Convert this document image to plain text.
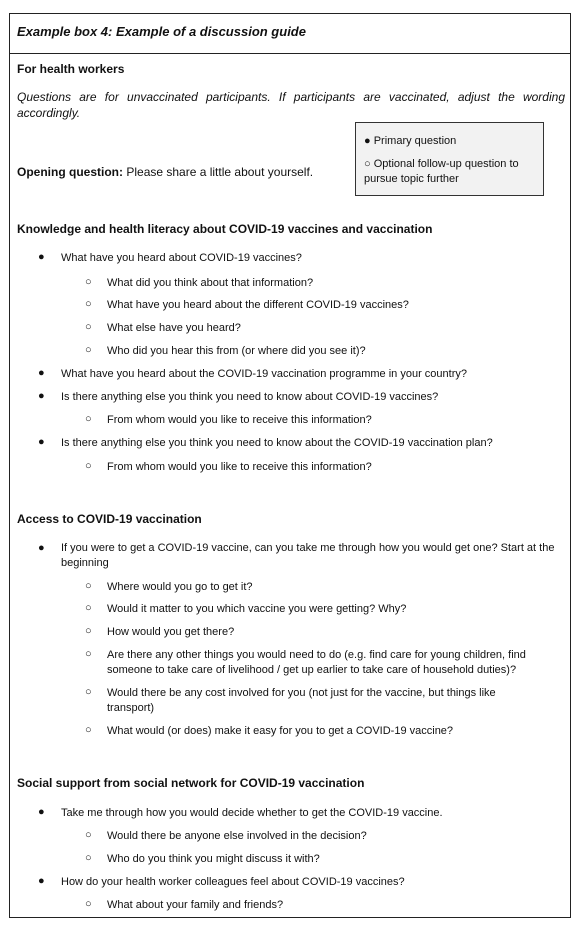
Example box 4: Example of a discussion guide
For health workers
Questions are for unvaccinated participants. If participants are vaccinated, adjust the wording accordingly.
Opening question: Please share a little about yourself.
● Primary question
○ Optional follow-up question to pursue topic further
Knowledge and health literacy about COVID-19 vaccines and vaccination
● What have you heard about COVID-19 vaccines?
○ What did you think about that information?
○ What have you heard about the different COVID-19 vaccines?
○ What else have you heard?
○ Who did you hear this from (or where did you see it)?
● What have you heard about the COVID-19 vaccination programme in your country?
● Is there anything else you think you need to know about COVID-19 vaccines?
○ From whom would you like to receive this information?
● Is there anything else you think you need to know about the COVID-19 vaccination plan?
○ From whom would you like to receive this information?
Access to COVID-19 vaccination
● If you were to get a COVID-19 vaccine, can you take me through how you would get one? Start at the beginning
○ Where would you go to get it?
○ Would it matter to you which vaccine you were getting? Why?
○ How would you get there?
○ Are there any other things you would need to do (e.g. find care for young children, find someone to take care of livelihood / get up earlier to take care of household duties)?
○ Would there be any cost involved for you (not just for the vaccine, but things like transport)
○ What would (or does) make it easy for you to get a COVID-19 vaccine?
Social support from social network for COVID-19 vaccination
● Take me through how you would decide whether to get the COVID-19 vaccine.
○ Would there be anyone else involved in the decision?
○ Who do you think you might discuss it with?
● How do your health worker colleagues feel about COVID-19 vaccines?
○ What about your family and friends?
